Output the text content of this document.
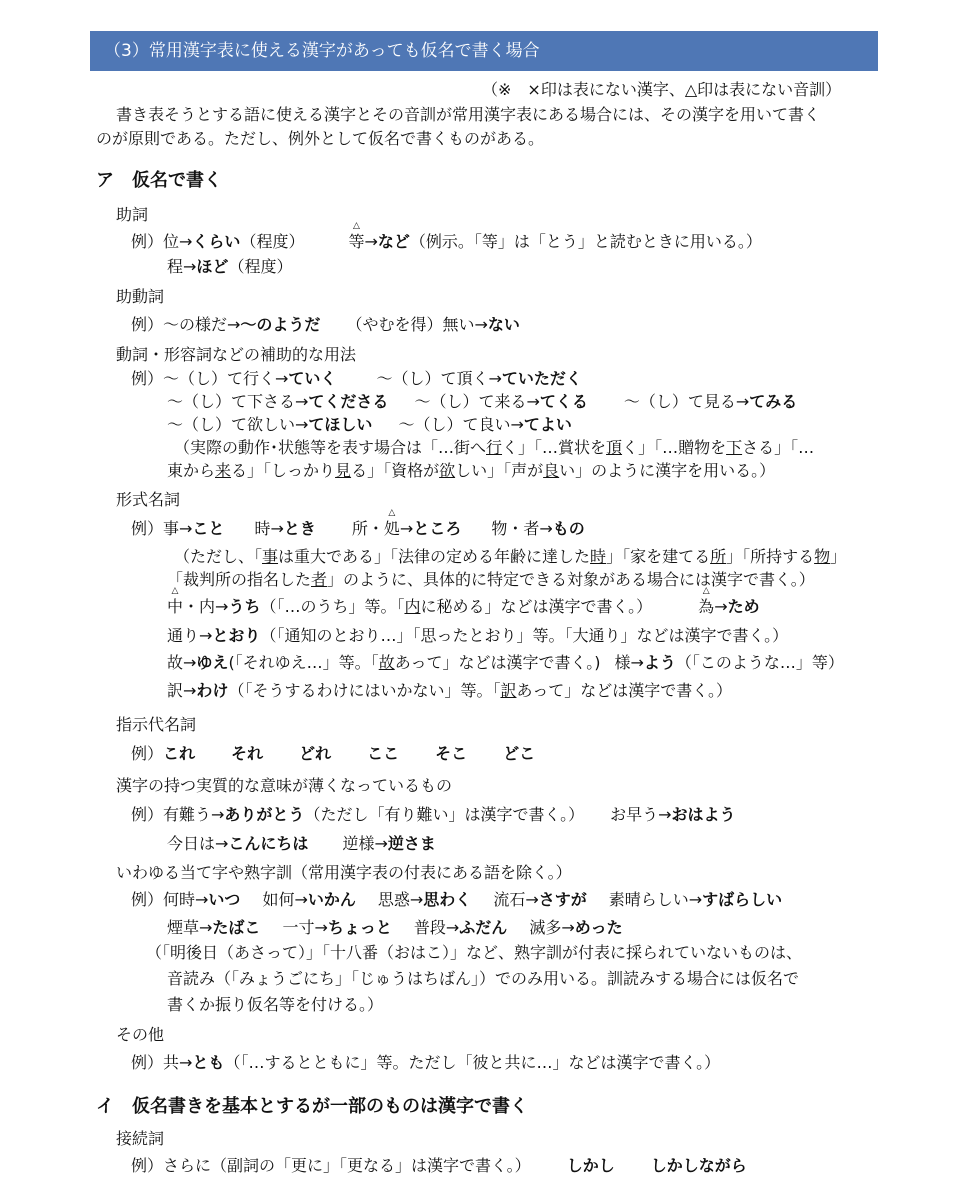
（3）常用漢字表に使える漢字があっても仮名で書く場合
（※　×印は表にない漢字、△印は表にない音訓）
書き表そうとする語に使える漢字とその音訓が常用漢字表にある場合には、その漢字を用いて書く
のが原則である。ただし、例外として仮名で書くものがある。
ア　仮名で書く
助詞
例）位→くらい（程度）	△ 等→など（例示。「等」は「とう」と読むときに用いる。）
程→ほど（程度）
助動詞
例）～の様だ→～のようだ （やむを得）無い→ない
動詞・形容詞などの補助的な用法
例）～（し）て行く→ていく	～（し）て頂く→ていただく
～（し）て下さる→てくださる ～（し）て来る→てくる ～（し）て見る→てみる
～（し）て欲しい→てほしい ～（し）て良い→てよい
（実際の動作･状態等を表す場合は「…街へ行く」「…賞状を頂く」「…贈物を下さる」「…
東から来る」「しっかり見る」「資格が欲しい」「声が良い」のように漢字を用いる。）
形式名詞
例）事→こと 時→とき 所・△ 処→ところ 物・者→もの
（ただし、「事は重大である」「法律の定める年齢に達した時」「家を建てる所」「所持する物」
「裁判所の指名した者」のように、具体的に特定できる対象がある場合には漢字で書く。）
△ 中・内→うち（「…のうち」等。「内に秘める」などは漢字で書く。）	△ 為→ため
通り→とおり（「通知のとおり…」「思ったとおり」等。「大通り」などは漢字で書く。）
故→ゆえ(「それゆえ…」等。「故あって」などは漢字で書く。) 様→よう（「このような…」等）
訳→わけ（「そうするわけにはいかない」等。「訳あって」などは漢字で書く。）
指示代名詞
例）これ それ どれ ここ そこ どこ
漢字の持つ実質的な意味が薄くなっているもの
例）有難う→ありがとう（ただし「有り難い」は漢字で書く。） お早う→おはよう
今日は→こんにちは 逆様→逆さま
いわゆる当て字や熟字訓（常用漢字表の付表にある語を除く。）
例）何時→いつ 如何→いかん 思惑→思わく 流石→さすが 素晴らしい→すばらしい
煙草→たばこ 一寸→ちょっと 普段→ふだん 滅多→めった
（「明後日（あさって）」「十八番（おはこ）」など、熟字訓が付表に採られていないものは、
音読み（「みょうごにち」「じゅうはちばん」）でのみ用いる。訓読みする場合には仮名で
書くか振り仮名等を付ける。）
その他
例）共→とも（「…するとともに」等。ただし「彼と共に…」などは漢字で書く。）
イ　仮名書きを基本とするが一部のものは漢字で書く
接続詞
例）さらに（副詞の「更に」「更なる」は漢字で書く。） しかし しかしながら
